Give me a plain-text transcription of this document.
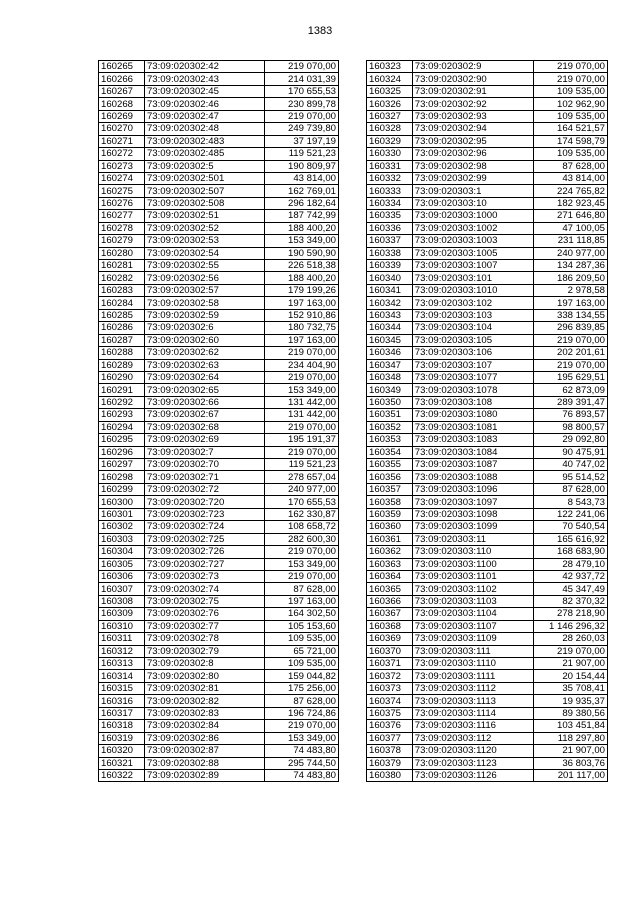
1383
160265	73:09:020302:42	219 070,00
160266	73:09:020302:43	214 031,39
160267	73:09:020302:45	170 655,53
160268	73:09:020302:46	230 899,78
160269	73:09:020302:47	219 070,00
160270	73:09:020302:48	249 739,80
160271	73:09:020302:483	37 197,19
160272	73:09:020302:485	119 521,23
160273	73:09:020302:5	190 809,97
160274	73:09:020302:501	43 814,00
160275	73:09:020302:507	162 769,01
160276	73:09:020302:508	296 182,64
160277	73:09:020302:51	187 742,99
160278	73:09:020302:52	188 400,20
160279	73:09:020302:53	153 349,00
160280	73:09:020302:54	190 590,90
160281	73:09:020302:55	226 518,38
160282	73:09:020302:56	188 400,20
160283	73:09:020302:57	179 199,26
160284	73:09:020302:58	197 163,00
160285	73:09:020302:59	152 910,86
160286	73:09:020302:6	180 732,75
160287	73:09:020302:60	197 163,00
160288	73:09:020302:62	219 070,00
160289	73:09:020302:63	234 404,90
160290	73:09:020302:64	219 070,00
160291	73:09:020302:65	153 349,00
160292	73:09:020302:66	131 442,00
160293	73:09:020302:67	131 442,00
160294	73:09:020302:68	219 070,00
160295	73:09:020302:69	195 191,37
160296	73:09:020302:7	219 070,00
160297	73:09:020302:70	119 521,23
160298	73:09:020302:71	278 657,04
160299	73:09:020302:72	240 977,00
160300	73:09:020302:720	170 655,53
160301	73:09:020302:723	162 330,87
160302	73:09:020302:724	108 658,72
160303	73:09:020302:725	282 600,30
160304	73:09:020302:726	219 070,00
160305	73:09:020302:727	153 349,00
160306	73:09:020302:73	219 070,00
160307	73:09:020302:74	87 628,00
160308	73:09:020302:75	197 163,00
160309	73:09:020302:76	164 302,50
160310	73:09:020302:77	105 153,60
160311	73:09:020302:78	109 535,00
160312	73:09:020302:79	65 721,00
160313	73:09:020302:8	109 535,00
160314	73:09:020302:80	159 044,82
160315	73:09:020302:81	175 256,00
160316	73:09:020302:82	87 628,00
160317	73:09:020302:83	196 724,86
160318	73:09:020302:84	219 070,00
160319	73:09:020302:86	153 349,00
160320	73:09:020302:87	74 483,80
160321	73:09:020302:88	295 744,50
160322	73:09:020302:89	74 483,80
160323	73:09:020302:9	219 070,00
160324	73:09:020302:90	219 070,00
160325	73:09:020302:91	109 535,00
160326	73:09:020302:92	102 962,90
160327	73:09:020302:93	109 535,00
160328	73:09:020302:94	164 521,57
160329	73:09:020302:95	174 598,79
160330	73:09:020302:96	109 535,00
160331	73:09:020302:98	87 628,00
160332	73:09:020302:99	43 814,00
160333	73:09:020303:1	224 765,82
160334	73:09:020303:10	182 923,45
160335	73:09:020303:1000	271 646,80
160336	73:09:020303:1002	47 100,05
160337	73:09:020303:1003	231 118,85
160338	73:09:020303:1005	240 977,00
160339	73:09:020303:1007	134 287,36
160340	73:09:020303:101	186 209,50
160341	73:09:020303:1010	2 978,58
160342	73:09:020303:102	197 163,00
160343	73:09:020303:103	338 134,55
160344	73:09:020303:104	296 839,85
160345	73:09:020303:105	219 070,00
160346	73:09:020303:106	202 201,61
160347	73:09:020303:107	219 070,00
160348	73:09:020303:1077	195 629,51
160349	73:09:020303:1078	62 873,09
160350	73:09:020303:108	289 391,47
160351	73:09:020303:1080	76 893,57
160352	73:09:020303:1081	98 800,57
160353	73:09:020303:1083	29 092,80
160354	73:09:020303:1084	90 475,91
160355	73:09:020303:1087	40 747,02
160356	73:09:020303:1088	95 514,52
160357	73:09:020303:1096	87 628,00
160358	73:09:020303:1097	8 543,73
160359	73:09:020303:1098	122 241,06
160360	73:09:020303:1099	70 540,54
160361	73:09:020303:11	165 616,92
160362	73:09:020303:110	168 683,90
160363	73:09:020303:1100	28 479,10
160364	73:09:020303:1101	42 937,72
160365	73:09:020303:1102	45 347,49
160366	73:09:020303:1103	82 370,32
160367	73:09:020303:1104	278 218,90
160368	73:09:020303:1107	1 146 296,32
160369	73:09:020303:1109	28 260,03
160370	73:09:020303:111	219 070,00
160371	73:09:020303:1110	21 907,00
160372	73:09:020303:1111	20 154,44
160373	73:09:020303:1112	35 708,41
160374	73:09:020303:1113	19 935,37
160375	73:09:020303:1114	89 380,56
160376	73:09:020303:1116	103 451,84
160377	73:09:020303:112	118 297,80
160378	73:09:020303:1120	21 907,00
160379	73:09:020303:1123	36 803,76
160380	73:09:020303:1126	201 117,00
